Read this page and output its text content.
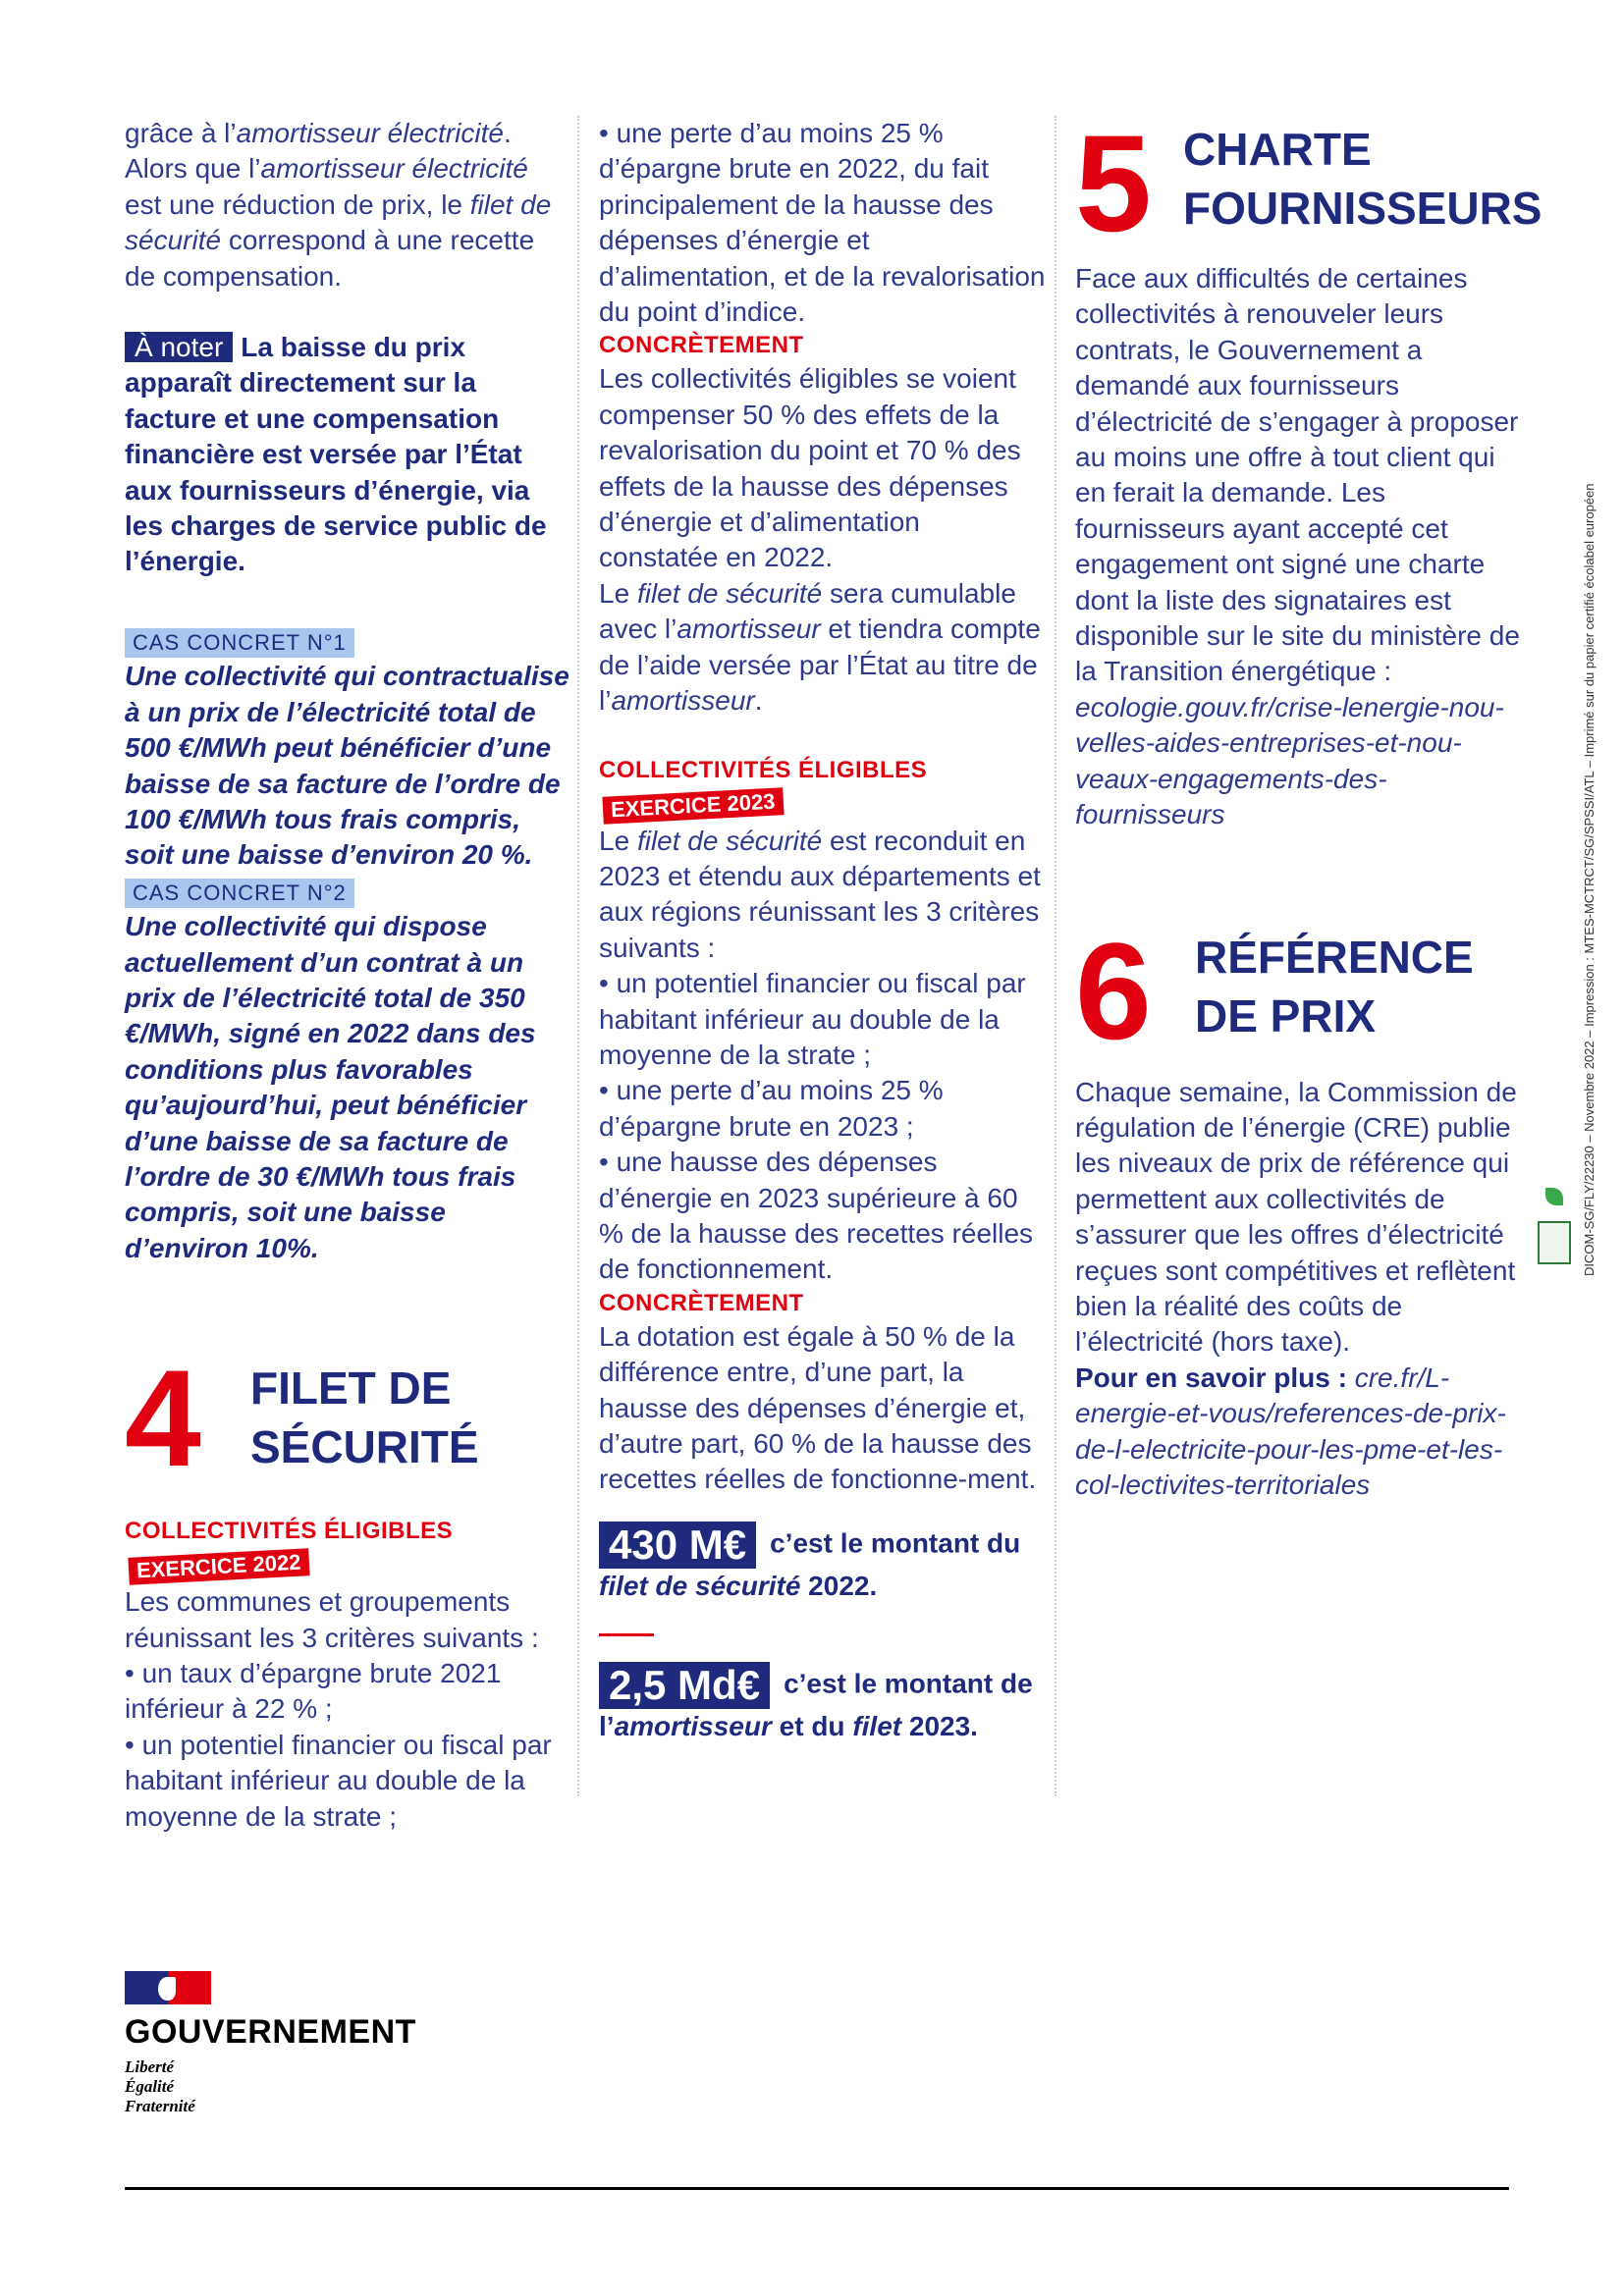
grâce à l’amortisseur électricité. Alors que l’amortisseur électricité est une réduction de prix, le filet de sécurité correspond à une recette de compensation.

À noter La baisse du prix apparaît directement sur la facture et une compensation financière est versée par l’État aux fournisseurs d’énergie, via les charges de service public de l’énergie.

CAS CONCRET N°1

Une collectivité qui contractualise à un prix de l’électricité total de 500 €/MWh peut bénéficier d’une baisse de sa facture de l’ordre de 100 €/MWh tous frais compris, soit une baisse d’environ 20 %.

CAS CONCRET N°2

Une collectivité qui dispose actuellement d’un contrat à un prix de l’électricité total de 350 €/MWh, signé en 2022 dans des conditions plus favorables qu’aujourd’hui, peut bénéficier d’une baisse de sa facture de l’ordre de 30 €/MWh tous frais compris, soit une baisse d’environ 10%.

4 FILET DE
SÉCURITÉ
COLLECTIVITÉS ÉLIGIBLES
EXERCICE 2022

Les communes et groupements réunissant les 3 critères suivants :

• un taux d’épargne brute 2021 inférieur à 22 % ;

• un potentiel financier ou fiscal par habitant inférieur au double de la moyenne de la strate ;

• une perte d’au moins 25 % d’épargne brute en 2022, du fait principalement de la hausse des dépenses d’énergie et d’alimentation, et de la revalorisation du point d’indice.

CONCRÈTEMENT

Les collectivités éligibles se voient compenser 50 % des effets de la revalorisation du point et 70 % des effets de la hausse des dépenses d’énergie et d’alimentation constatée en 2022.

Le filet de sécurité sera cumulable avec l’amortisseur et tiendra compte de l’aide versée par l’État au titre de l’amortisseur.

COLLECTIVITÉS ÉLIGIBLES
EXERCICE 2023

Le filet de sécurité est reconduit en 2023 et étendu aux départements et aux régions réunissant les 3 critères suivants :

• un potentiel financier ou fiscal par habitant inférieur au double de la moyenne de la strate ;

• une perte d’au moins 25 % d’épargne brute en 2023 ;

• une hausse des dépenses d’énergie en 2023 supérieure à 60 % de la hausse des recettes réelles de fonctionnement.

CONCRÈTEMENT

La dotation est égale à 50 % de la différence entre, d’une part, la hausse des dépenses d’énergie et, d’autre part, 60 % de la hausse des recettes réelles de fonctionne-ment.

430 M€ c’est le montant du filet de sécurité 2022.
2,5 Md€ c’est le montant de l’amortisseur et du filet 2023.
5 CHARTE
FOURNISSEURS

Face aux difficultés de certaines collectivités à renouveler leurs contrats, le Gouvernement a demandé aux fournisseurs d’électricité de s’engager à proposer au moins une offre à tout client qui en ferait la demande. Les fournisseurs ayant accepté cet engagement ont signé une charte dont la liste des signataires est disponible sur le site du ministère de la Transition énergétique :

ecologie.gouv.fr/crise-lenergie-nou-velles-aides-entreprises-et-nou-veaux-engagements-des-fournisseurs

6 RÉFÉRENCE
DE PRIX

Chaque semaine, la Commission de régulation de l’énergie (CRE) publie les niveaux de prix de référence qui permettent aux collectivités de s’assurer que les offres d’électricité reçues sont compétitives et reflètent bien la réalité des coûts de l’électricité (hors taxe).

Pour en savoir plus : cre.fr/L-energie-et-vous/references-de-prix-de-l-electricite-pour-les-pme-et-les-col-lectivites-territoriales

GOUVERNEMENT
Liberté
Égalité
Fraternité
DICOM-SG/FLY/22230 – Novembre 2022 – Impression : MTES-MCTRCT/SG/SPSSI/ATL – Imprimé sur du papier certifié écolabel européen
